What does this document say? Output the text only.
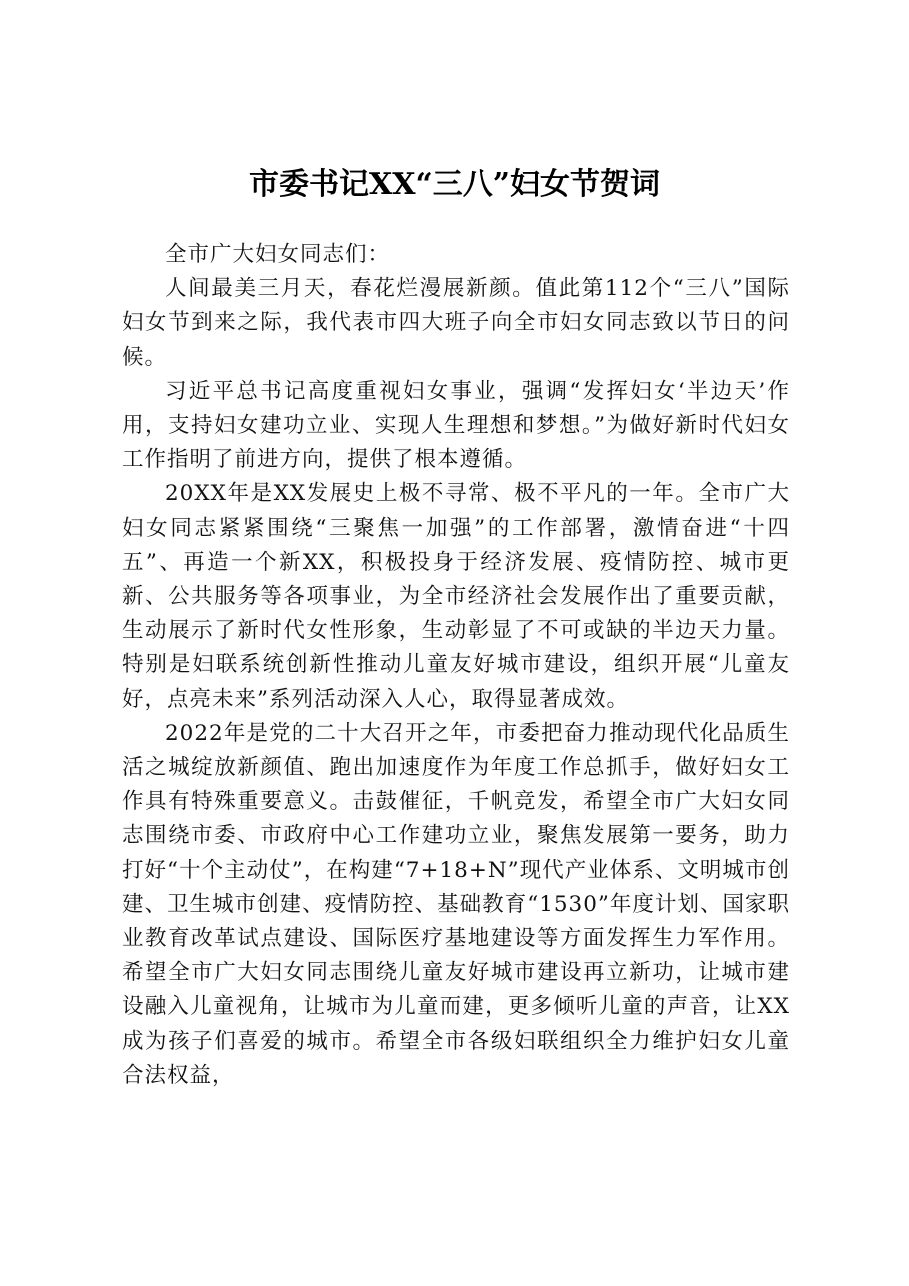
市委书记XX“三八”妇女节贺词

全市广大妇女同志们：

人间最美三月天，春花烂漫展新颜。值此第112个“三八”国际妇女节到来之际，我代表市四大班子向全市妇女同志致以节日的问候。

习近平总书记高度重视妇女事业，强调“发挥妇女‘半边天’作用，支持妇女建功立业、实现人生理想和梦想。”为做好新时代妇女工作指明了前进方向，提供了根本遵循。

20XX年是XX发展史上极不寻常、极不平凡的一年。全市广大妇女同志紧紧围绕“三聚焦一加强”的工作部署，激情奋进“十四五”、再造一个新XX，积极投身于经济发展、疫情防控、城市更新、公共服务等各项事业，为全市经济社会发展作出了重要贡献，生动展示了新时代女性形象，生动彰显了不可或缺的半边天力量。特别是妇联系统创新性推动儿童友好城市建设，组织开展“儿童友好，点亮未来”系列活动深入人心，取得显著成效。

2022年是党的二十大召开之年，市委把奋力推动现代化品质生活之城绽放新颜值、跑出加速度作为年度工作总抓手，做好妇女工作具有特殊重要意义。击鼓催征，千帆竞发，希望全市广大妇女同志围绕市委、市政府中心工作建功立业，聚焦发展第一要务，助力打好“十个主动仗”，在构建“7+18+N”现代产业体系、文明城市创建、卫生城市创建、疫情防控、基础教育“1530”年度计划、国家职业教育改革试点建设、国际医疗基地建设等方面发挥生力军作用。希望全市广大妇女同志围绕儿童友好城市建设再立新功，让城市建设融入儿童视角，让城市为儿童而建，更多倾听儿童的声音，让XX成为孩子们喜爱的城市。希望全市各级妇联组织全力维护妇女儿童合法权益，
